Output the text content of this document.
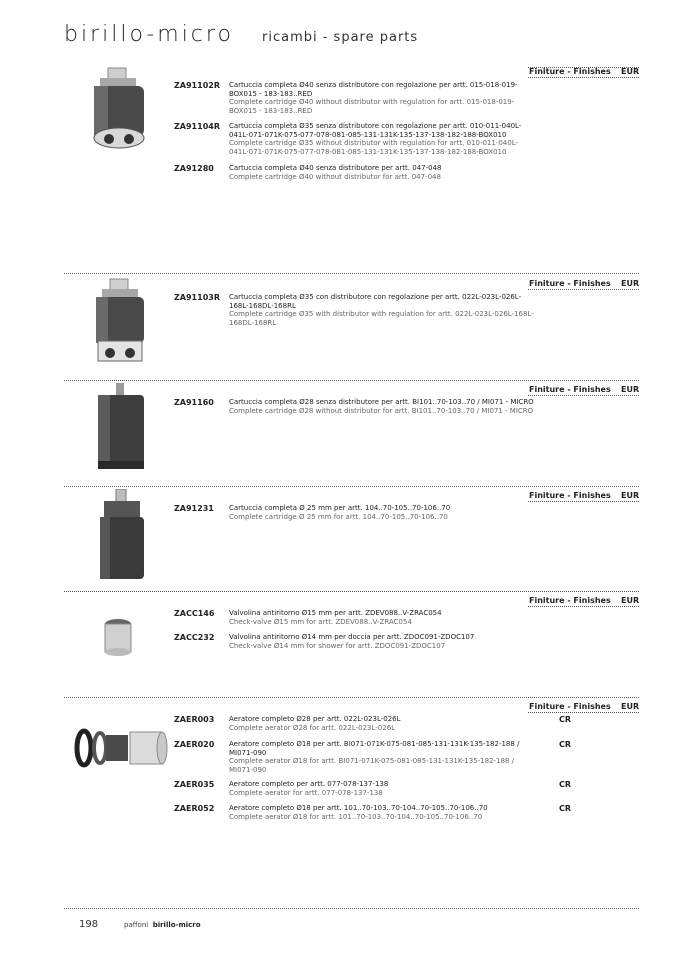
birillo-micro ricambi - spare parts
Finiture - Finishes EUR
ZA91102R Cartuccia completa Ø40 senza distributore con regolazione per artt. 015-018-019-BOX015 - 183-183..RED
Complete cartridge Ø40 without distributor with regulation for artt. 015-018-019- BOX015 - 183-183..RED
ZA91104R Cartuccia completa Ø35 senza distributore con regolazione per artt. 010-011-040L-041L-071-071K-075-077-078-081-085-131-131K-135-137-138-182-188-BOX010
Complete cartridge Ø35 without distributor with regulation for artt. 010-011-040L-041L-071-071K-075-077-078-081-085-131-131K-135-137-138-182-188-BOX010
ZA91280 Cartuccia completa Ø40 senza distributore per artt. 047-048
Complete cartridge Ø40 without distributor for artt. 047-048
Finiture - Finishes EUR
ZA91103R Cartuccia completa Ø35 con distributore con regolazione per artt. 022L-023L-026L-168L-168DL-168RL
Complete cartridge Ø35 with distributor with regulation for artt. 022L-023L-026L-168L-168DL-168RL
Finiture - Finishes EUR
ZA91160 Cartuccia completa Ø28 senza distributore per artt. BI101..70-103..70 / MI071 - MICRO
Complete cartridge Ø28 without distributor for artt. BI101..70-103..70 / MI071 - MICRO
Finiture - Finishes EUR
ZA91231 Cartuccia completa Ø 25 mm per artt. 104..70-105..70-106..70
Complete cartridge Ø 25 mm for artt. 104..70-105..70-106..70
Finiture - Finishes EUR
ZACC146 Valvolina antiritorno Ø15 mm per artt. ZDEV088..V-ZRAC054
Check-valve Ø15 mm for artt. ZDEV088..V-ZRAC054
ZACC232 Valvolina antiritorno Ø14 mm per doccia per artt. ZDOC091-ZDOC107
Check-valve Ø14 mm for shower for artt. ZDOC091-ZDOC107
Finiture - Finishes EUR
ZAER003 Aeratore completo Ø28 per artt. 022L-023L-026L
Complete aerator Ø28 for artt. 022L-023L-026L
CR
ZAER020 Aeratore completo Ø18 per artt. BI071-071K-075-081-085-131-131K-135-182-188 / MI071-090
Complete aerator Ø18 for artt. BI071-071K-075-081-085-131-131K-135-182-188 / MI071-090
CR
ZAER035 Aeratore completo per artt. 077-078-137-138
Complete aerator for artt. 077-078-137-138
CR
ZAER052 Aeratore completo Ø18 per artt. 101..70-103..70-104..70-105..70-106..70
Complete aerator Ø18 for artt. 101..70-103..70-104..70-105..70-106..70
CR
198	paffoni birillo-micro
